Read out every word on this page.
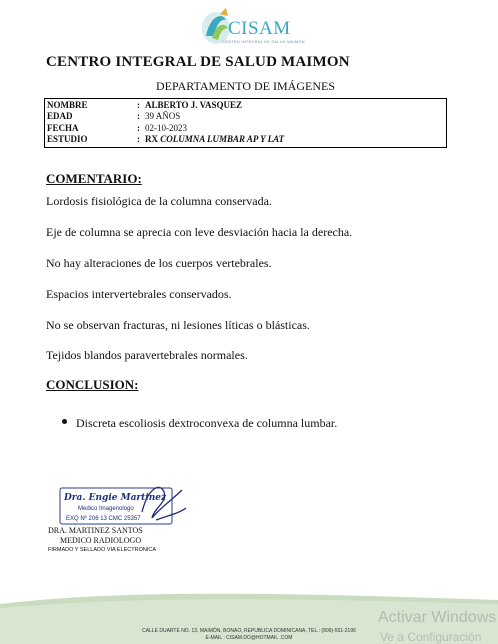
CISAM
CENTRO INTEGRAL DE SALUD MAIMON
CENTRO INTEGRAL DE SALUD MAIMON
DEPARTAMENTO DE IMÁGENES
NOMBRE	: ALBERTO J. VASQUEZ
EDAD	: 39 AÑOS
FECHA	: 02-10-2023
ESTUDIO	: RX COLUMNA LUMBAR AP Y LAT
COMENTARIO:
Lordosis fisiológica de la columna conservada.
Eje de columna se aprecia con leve desviación hacia la derecha.
No hay alteraciones de los cuerpos vertebrales.
Espacios intervertebrales conservados.
No se observan fracturas, ni lesiones líticas o blásticas.
Tejidos blandos paravertebrales normales.
CONCLUSION:
Discreta escoliosis dextroconvexa de columna lumbar.
Dra. Engie Martinez
Medico Imagenologo
EXQ Nº 206 13 CMC 25357
DRA. MARTINEZ SANTOS
MEDICO RADIOLOGO
FIRMADO Y SELLADO VIA ELECTRONICA
CALLE DUARTE NO. 13, MAIMÓN, BONAO, REPUBLICA DOMINICANA, TEL.: (809)-551-2196
E-MAIL : CISAM.DO@HOTMAIL .COM
Activar Windows
Ve a Configuración
